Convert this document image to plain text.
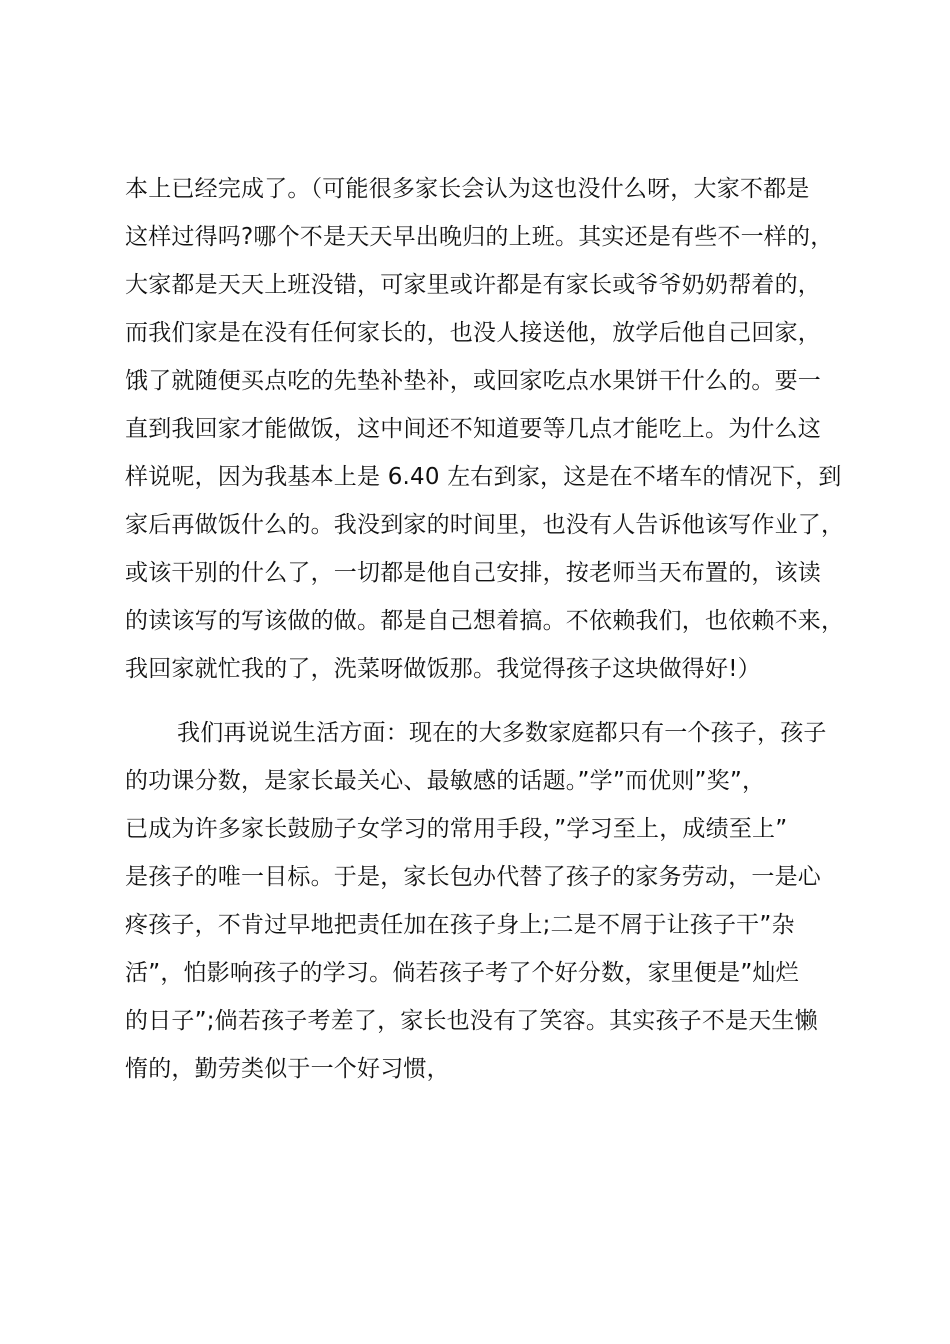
本上已经完成了。（可能很多家长会认为这也没什么呀，大家不都是
这样过得吗?哪个不是天天早出晚归的上班。其实还是有些不一样的，
大家都是天天上班没错，可家里或许都是有家长或爷爷奶奶帮着的，
而我们家是在没有任何家长的，也没人接送他，放学后他自己回家，
饿了就随便买点吃的先垫补垫补，或回家吃点水果饼干什么的。要一
直到我回家才能做饭，这中间还不知道要等几点才能吃上。为什么这
样说呢，因为我基本上是 6.40 左右到家，这是在不堵车的情况下，到
家后再做饭什么的。我没到家的时间里，也没有人告诉他该写作业了，
或该干别的什么了，一切都是他自己安排，按老师当天布置的，该读
的读该写的写该做的做。都是自己想着搞。不依赖我们，也依赖不来，
我回家就忙我的了，洗菜呀做饭那。我觉得孩子这块做得好!）
我们再说说生活方面：现在的大多数家庭都只有一个孩子，孩子
的功课分数，是家长最关心、最敏感的话题。”学”而优则”奖”，
已成为许多家长鼓励子女学习的常用手段，”学习至上，成绩至上”
是孩子的唯一目标。于是，家长包办代替了孩子的家务劳动，一是心
疼孩子，不肯过早地把责任加在孩子身上;二是不屑于让孩子干”杂
活”，怕影响孩子的学习。倘若孩子考了个好分数，家里便是”灿烂
的日子”;倘若孩子考差了，家长也没有了笑容。其实孩子不是天生懒
惰的，勤劳类似于一个好习惯，
